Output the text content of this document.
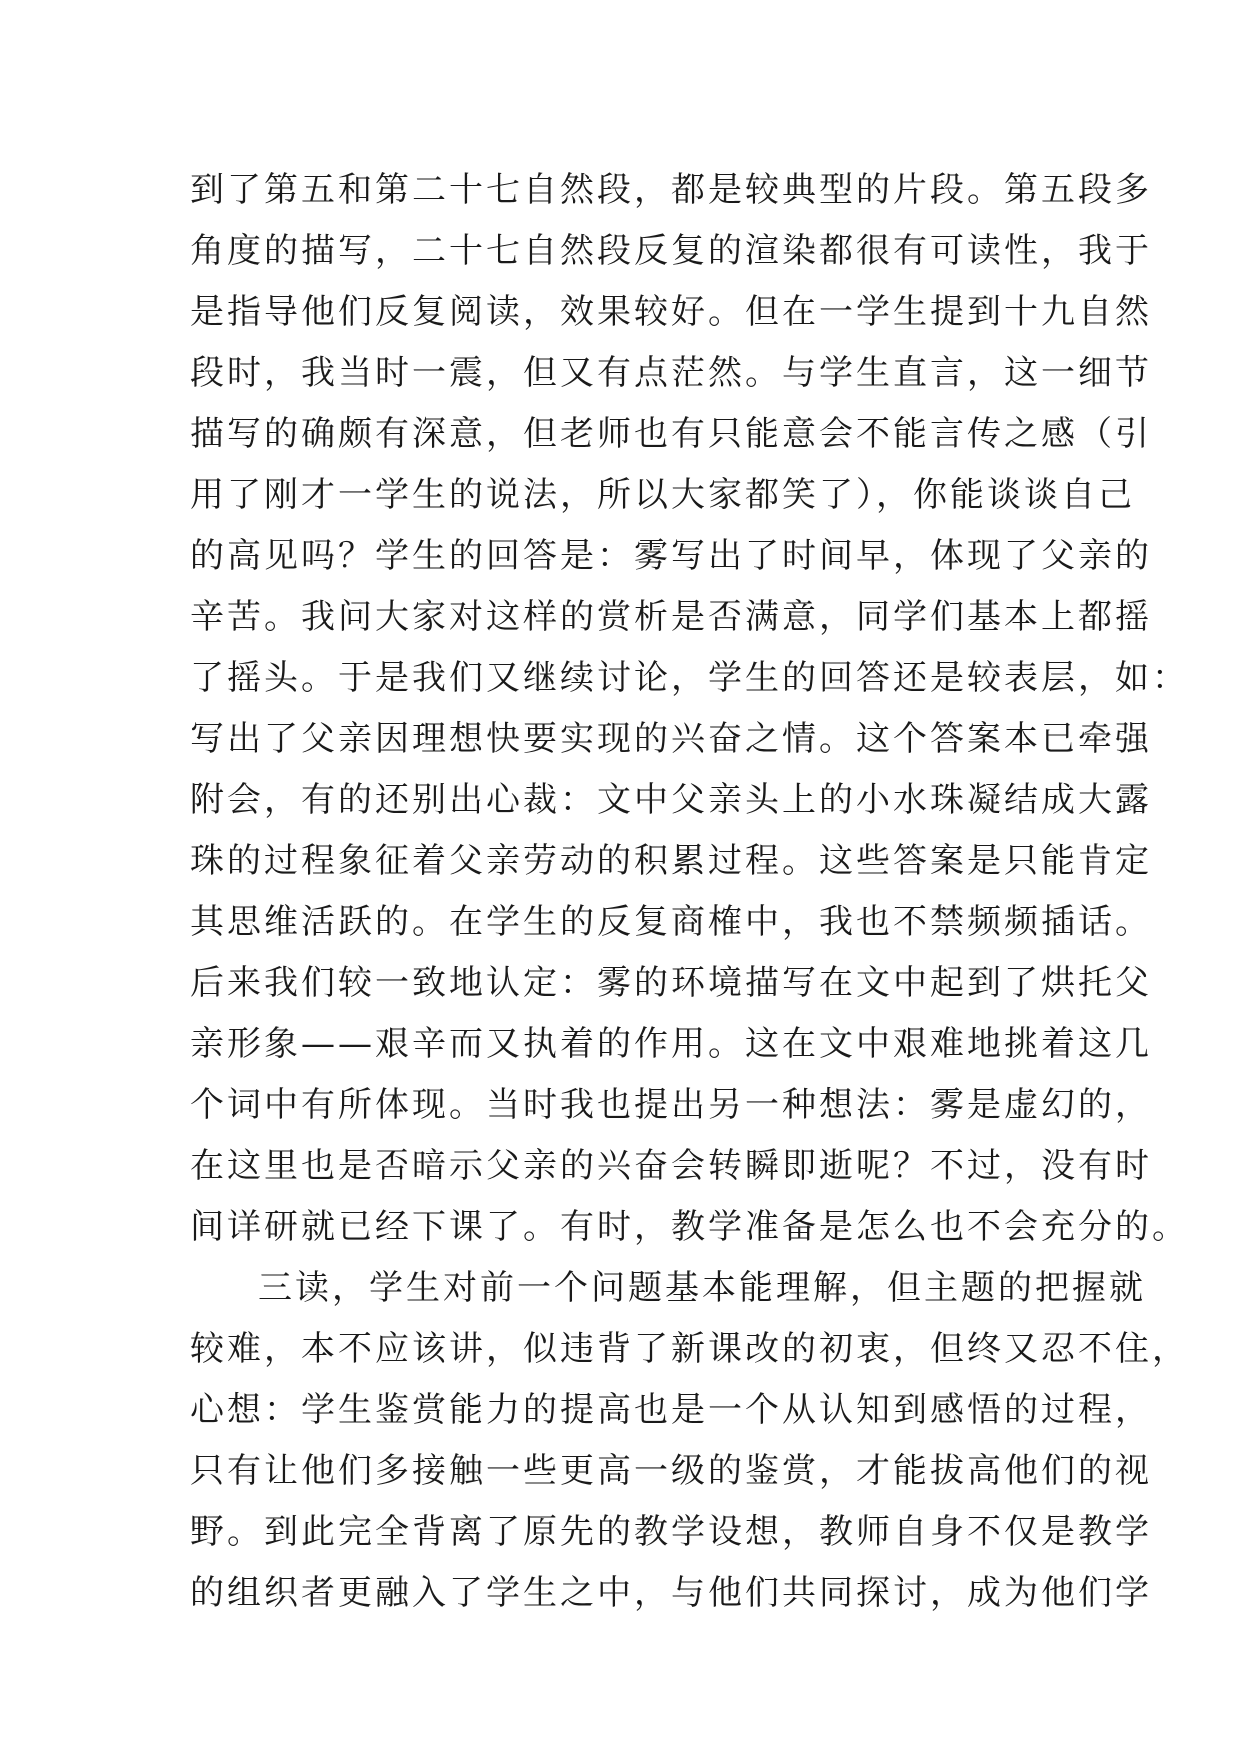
到了第五和第二十七自然段，都是较典型的片段。第五段多
角度的描写，二十七自然段反复的渲染都很有可读性，我于
是指导他们反复阅读，效果较好。但在一学生提到十九自然
段时，我当时一震，但又有点茫然。与学生直言，这一细节
描写的确颇有深意，但老师也有只能意会不能言传之感（引
用了刚才一学生的说法，所以大家都笑了），你能谈谈自己
的高见吗？学生的回答是：雾写出了时间早，体现了父亲的
辛苦。我问大家对这样的赏析是否满意，同学们基本上都摇
了摇头。于是我们又继续讨论，学生的回答还是较表层，如：
写出了父亲因理想快要实现的兴奋之情。这个答案本已牵强
附会，有的还别出心裁：文中父亲头上的小水珠凝结成大露
珠的过程象征着父亲劳动的积累过程。这些答案是只能肯定
其思维活跃的。在学生的反复商榷中，我也不禁频频插话。
后来我们较一致地认定：雾的环境描写在文中起到了烘托父
亲形象——艰辛而又执着的作用。这在文中艰难地挑着这几
个词中有所体现。当时我也提出另一种想法：雾是虚幻的，
在这里也是否暗示父亲的兴奋会转瞬即逝呢？不过，没有时
间详研就已经下课了。有时，教学准备是怎么也不会充分的。
三读，学生对前一个问题基本能理解，但主题的把握就
较难，本不应该讲，似违背了新课改的初衷，但终又忍不住，
心想：学生鉴赏能力的提高也是一个从认知到感悟的过程，
只有让他们多接触一些更高一级的鉴赏，才能拔高他们的视
野。到此完全背离了原先的教学设想，教师自身不仅是教学
的组织者更融入了学生之中，与他们共同探讨，成为他们学
